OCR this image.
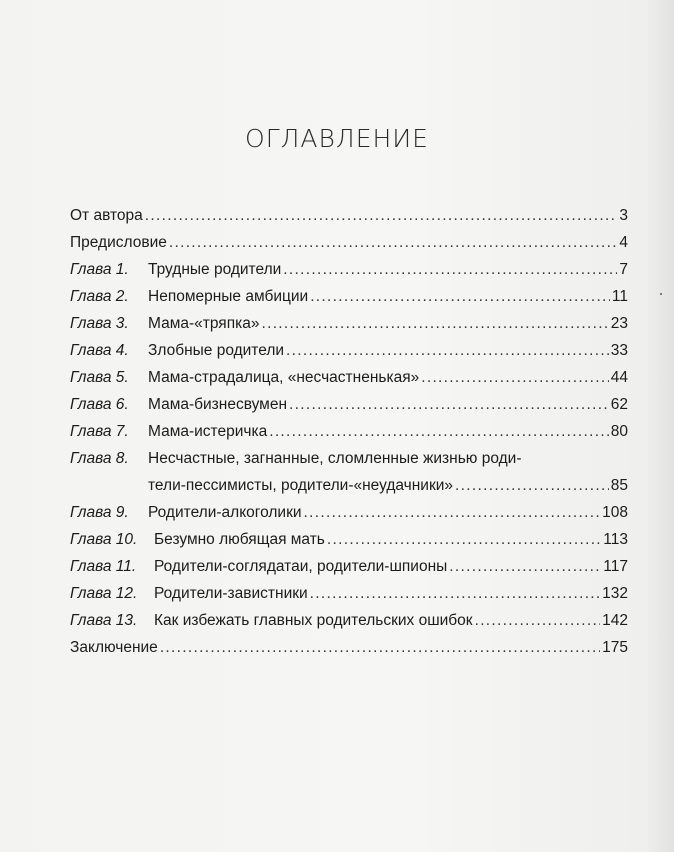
ОГЛАВЛЕНИЕ
От автора . . .	3
Предисловие . . .	4
Глава 1.	Трудные родители . . .	7
Глава 2.	Непомерные амбиции . . .	11
Глава 3.	Мама-«тряпка» . . .	23
Глава 4.	Злобные родители . . .	33
Глава 5.	Мама-страдалица, «несчастненькая» . . .	44
Глава 6.	Мама-бизнесвумен . . .	62
Глава 7.	Мама-истеричка . . .	80
Глава 8.	Несчастные, загнанные, сломленные жизнью роди-
тели-пессимисты, родители-«неудачники» . . .	85
Глава 9.	Родители-алкоголики . . .	108
Глава 10.	Безумно любящая мать . . .	113
Глава 11.	Родители-соглядатаи, родители-шпионы . . .	117
Глава 12.	Родители-завистники . . .	132
Глава 13.	Как избежать главных родительских ошибок . . .	142
Заключение . . .	175
